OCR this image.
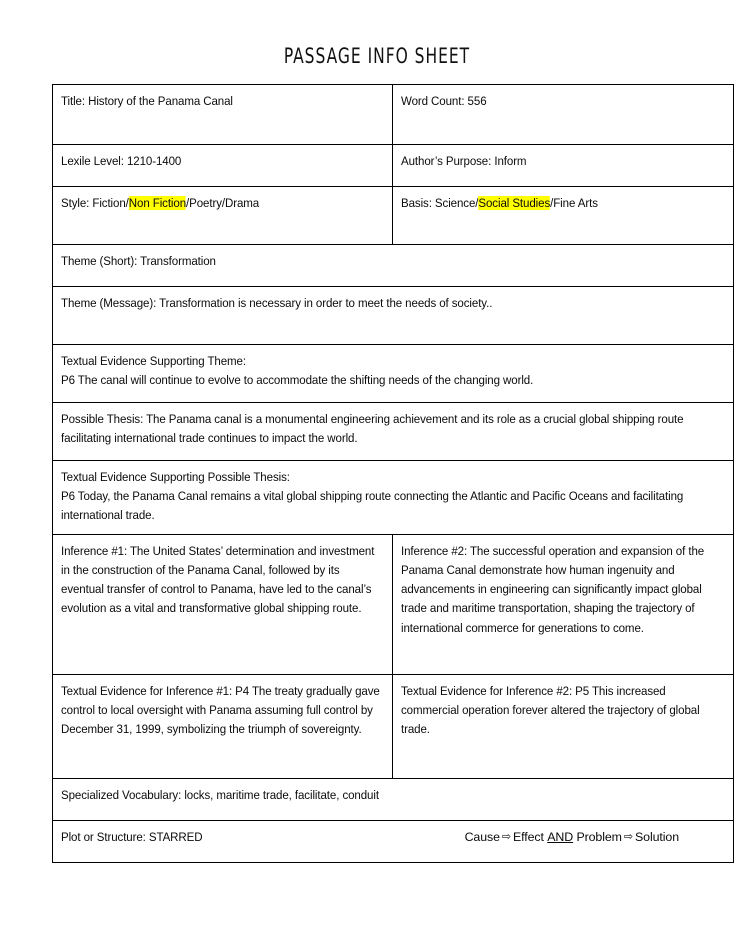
PASSAGE INFO SHEET
Title: History of the Panama Canal	Word Count: 556

Lexile Level: 1210-1400	Author’s Purpose: Inform

Style: Fiction/Non Fiction/Poetry/Drama	Basis: Science/Social Studies/Fine Arts

Theme (Short): Transformation	

Theme (Message): Transformation is necessary in order to meet the needs of society..	

Textual Evidence Supporting Theme:
P6 The canal will continue to evolve to accommodate the shifting needs of the changing world.	

Possible Thesis: The Panama canal is a monumental engineering achievement and its role as a crucial global shipping route facilitating international trade continues to impact the world.	

Textual Evidence Supporting Possible Thesis:
P6 Today, the Panama Canal remains a vital global shipping route connecting the Atlantic and Pacific Oceans and facilitating international trade.	

Inference #1: The United States’ determination and investment in the construction of the Panama Canal, followed by its eventual transfer of control to Panama, have led to the canal’s evolution as a vital and transformative global shipping route.

Inference #2: The successful operation and expansion of the Panama Canal demonstrate how human ingenuity and advancements in engineering can significantly impact global trade and maritime transportation, shaping the trajectory of international commerce for generations to come.

Textual Evidence for Inference #1: P4 The treaty gradually gave control to local oversight with Panama assuming full control by December 31, 1999, symbolizing the triumph of sovereignty.	Textual Evidence for Inference #2: P5 This increased commercial operation forever altered the trajectory of global trade.

Specialized Vocabulary: locks, maritime trade, facilitate, conduit	

Plot or Structure: STARRED Cause ⇨ Effect AND Problem ⇨ Solution	
